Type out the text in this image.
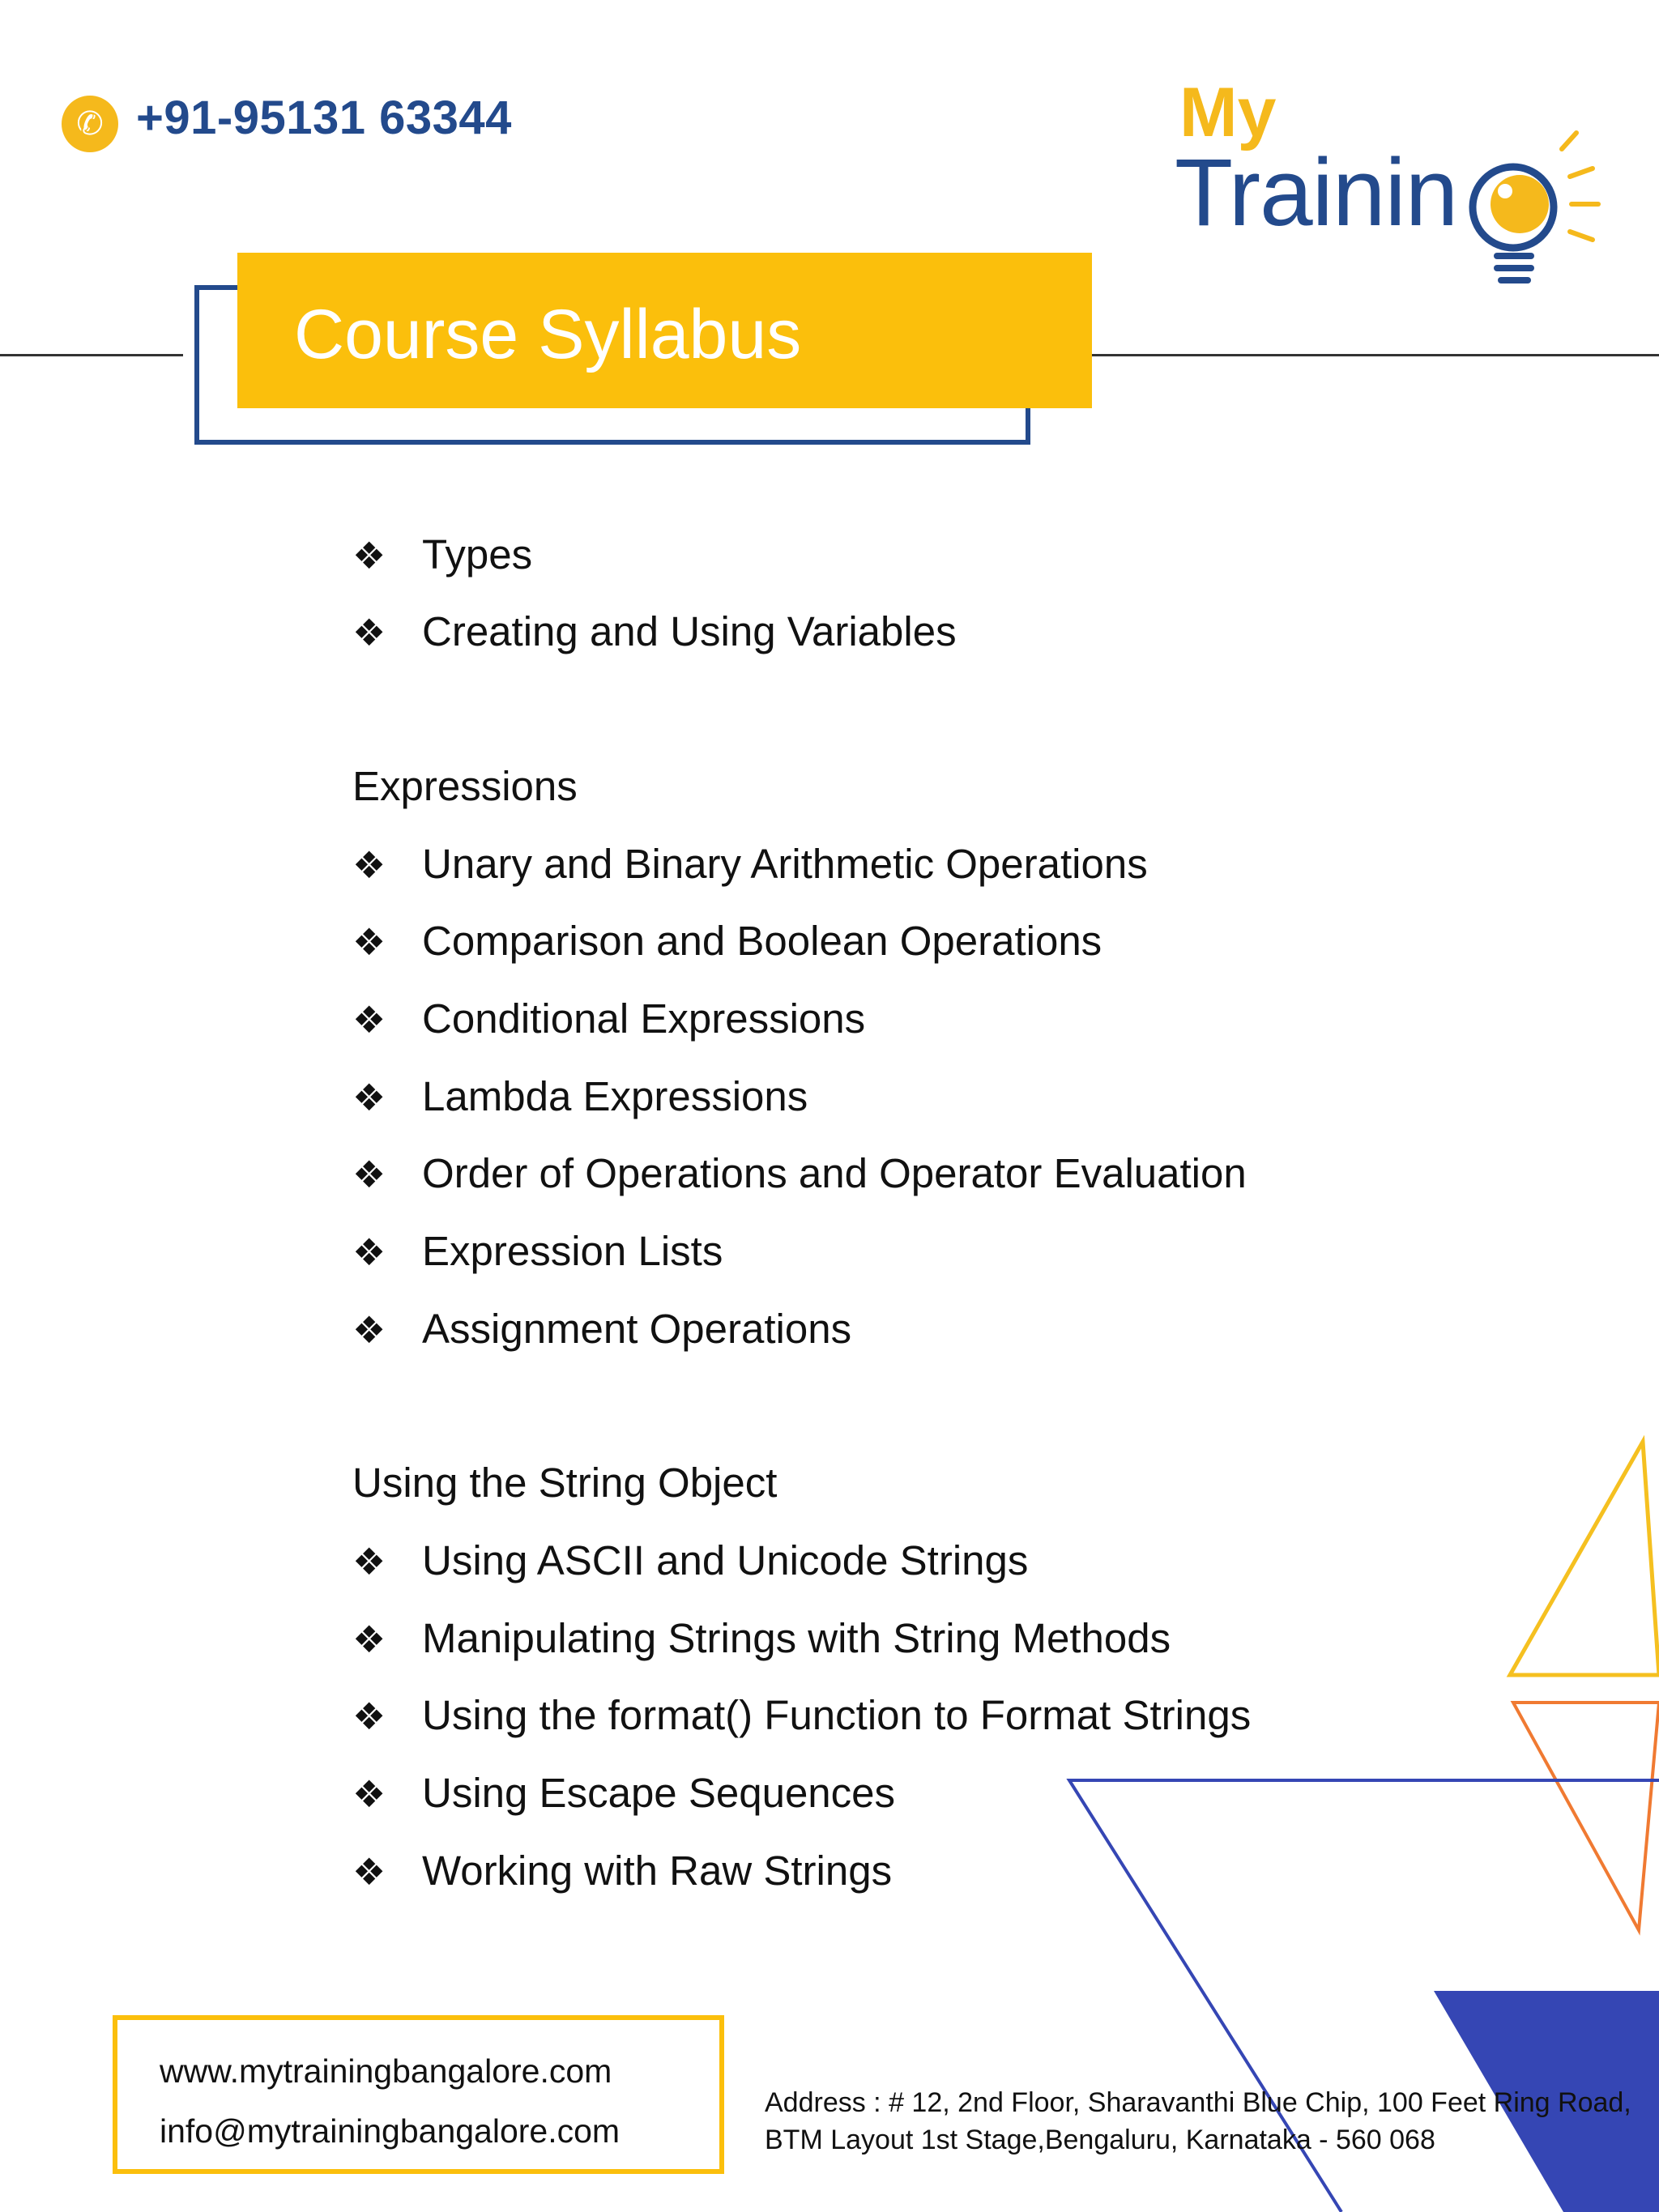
✆ +91-95131 63344	My
Trainin
Course Syllabus
❖ Types
❖ Creating and Using Variables
Expressions
❖ Unary and Binary Arithmetic Operations
❖ Comparison and Boolean Operations
❖ Conditional Expressions
❖ Lambda Expressions
❖ Order of Operations and Operator Evaluation
❖ Expression Lists
❖ Assignment Operations
Using the String Object
❖ Using ASCII and Unicode Strings
❖ Manipulating Strings with String Methods
❖ Using the format() Function to Format Strings
❖ Using Escape Sequences
❖ Working with Raw Strings
www.mytrainingbangalore.com
info@mytrainingbangalore.com
Address : # 12, 2nd Floor, Sharavanthi Blue Chip, 100 Feet Ring Road,
BTM Layout 1st Stage,Bengaluru, Karnataka - 560 068
